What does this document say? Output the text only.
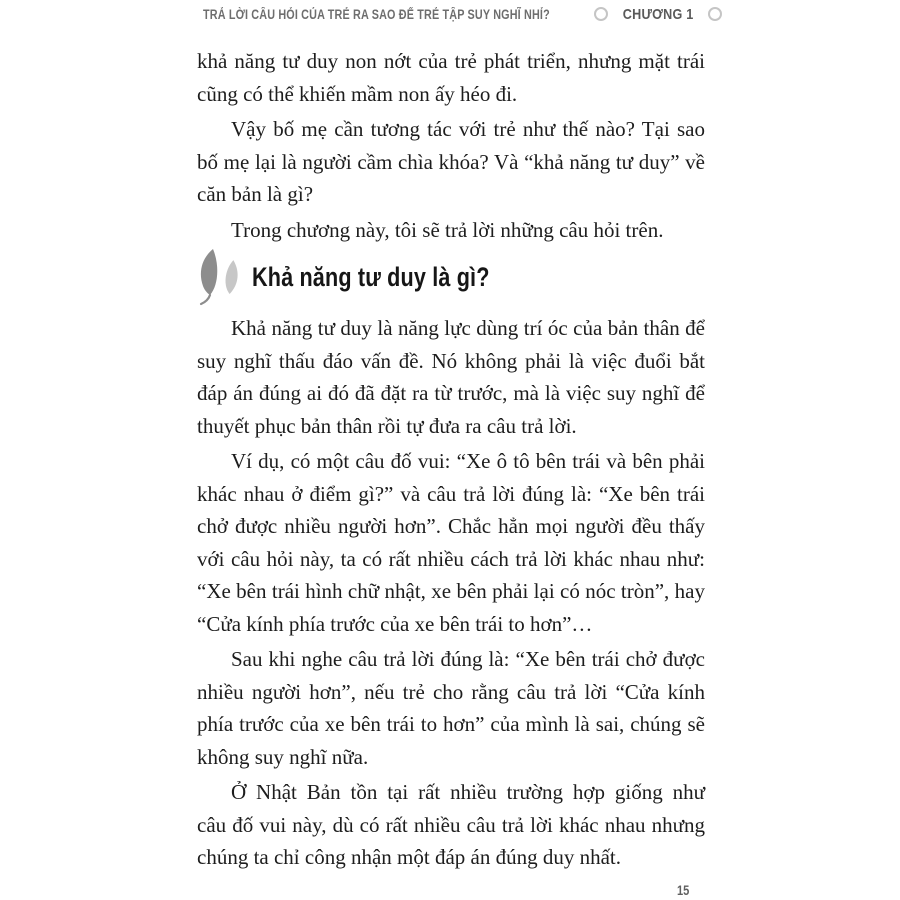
TRẢ LỜI CÂU HỎI CỦA TRẺ RA SAO ĐỂ TRẺ TẬP SUY NGHĨ NHỈ?	CHƯƠNG 1
khả năng tư duy non nớt của trẻ phát triển, nhưng mặt trái
cũng có thể khiến mầm non ấy héo đi.
Vậy bố mẹ cần tương tác với trẻ như thế nào? Tại sao
bố mẹ lại là người cầm chìa khóa? Và “khả năng tư duy” về
căn bản là gì?
Trong chương này, tôi sẽ trả lời những câu hỏi trên.
Khả năng tư duy là gì?
Khả năng tư duy là năng lực dùng trí óc của bản thân để
suy nghĩ thấu đáo vấn đề. Nó không phải là việc đuổi bắt
đáp án đúng ai đó đã đặt ra từ trước, mà là việc suy nghĩ để
thuyết phục bản thân rồi tự đưa ra câu trả lời.
Ví dụ, có một câu đố vui: “Xe ô tô bên trái và bên phải
khác nhau ở điểm gì?” và câu trả lời đúng là: “Xe bên trái
chở được nhiều người hơn”. Chắc hẳn mọi người đều thấy
với câu hỏi này, ta có rất nhiều cách trả lời khác nhau như:
“Xe bên trái hình chữ nhật, xe bên phải lại có nóc tròn”, hay
“Cửa kính phía trước của xe bên trái to hơn”…
Sau khi nghe câu trả lời đúng là: “Xe bên trái chở được
nhiều người hơn”, nếu trẻ cho rằng câu trả lời “Cửa kính
phía trước của xe bên trái to hơn” của mình là sai, chúng sẽ
không suy nghĩ nữa.
Ở Nhật Bản tồn tại rất nhiều trường hợp giống như
câu đố vui này, dù có rất nhiều câu trả lời khác nhau nhưng
chúng ta chỉ công nhận một đáp án đúng duy nhất.
15
